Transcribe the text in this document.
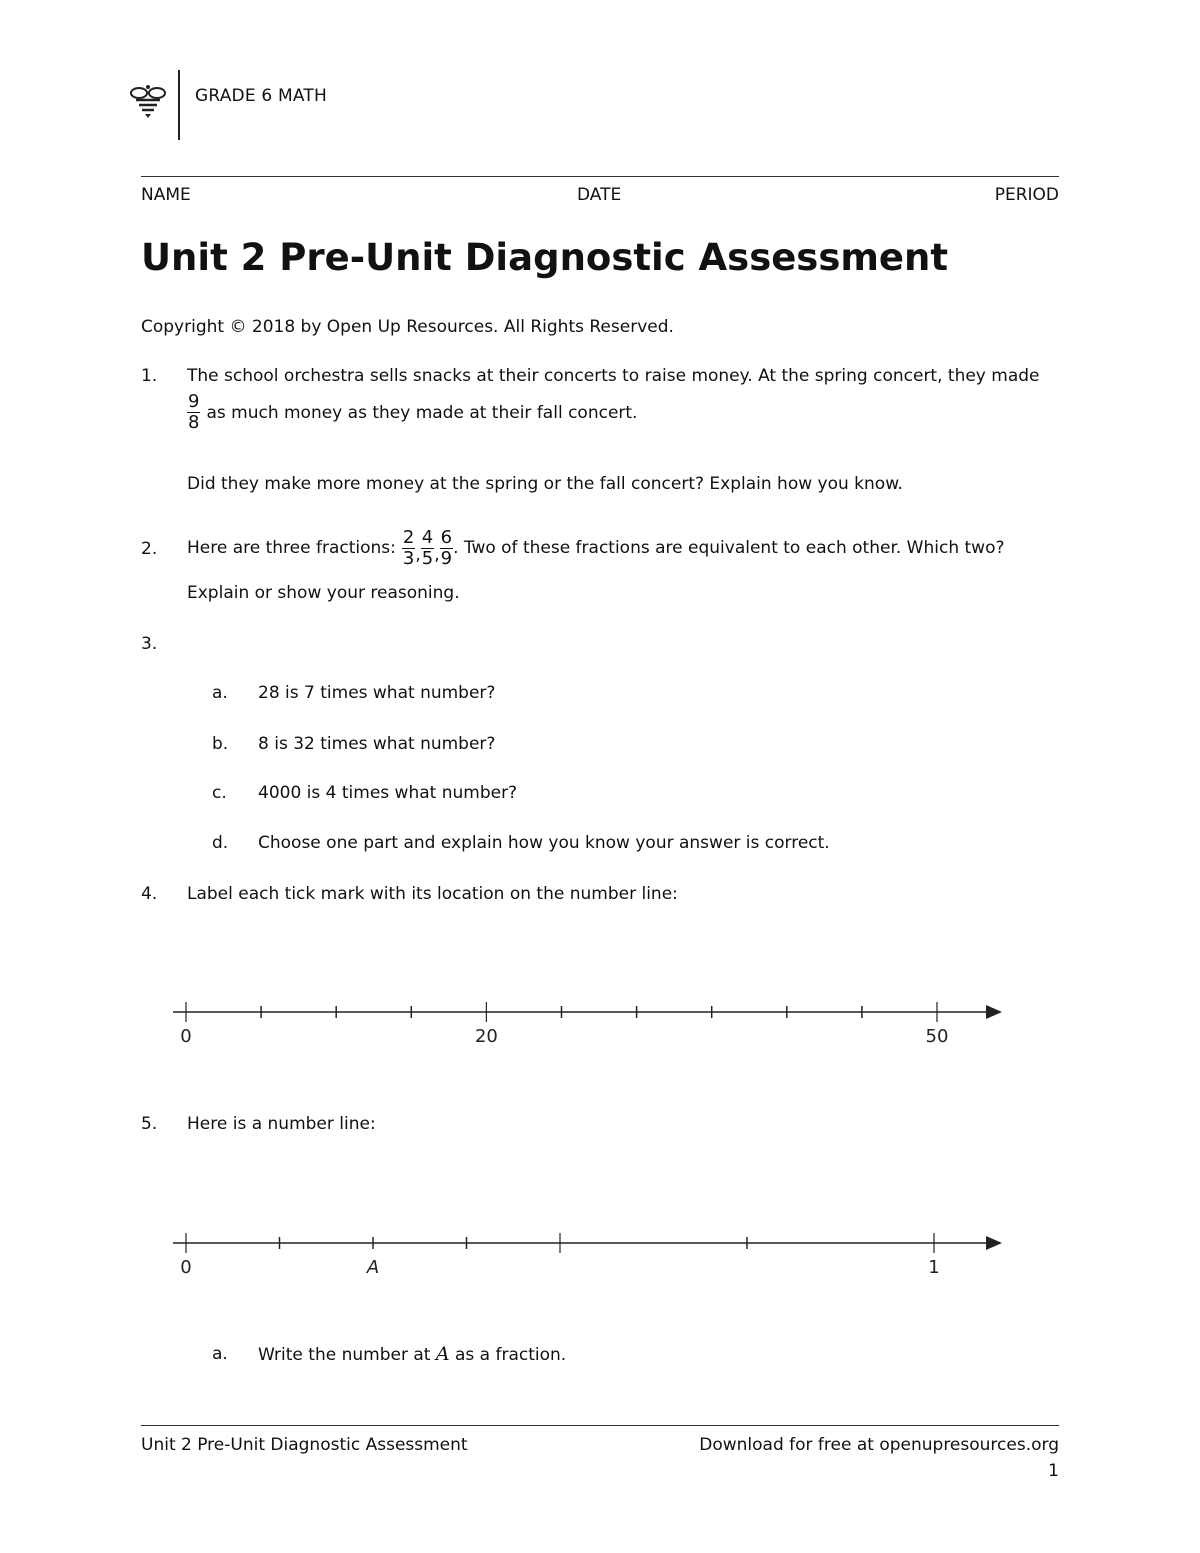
GRADE 6 MATH
NAME	DATE	PERIOD
Unit 2 Pre-Unit Diagnostic Assessment
Copyright © 2018 by Open Up Resources. All Rights Reserved.
1. The school orchestra sells snacks at their concerts to raise money. At the spring concert, they made
$\frac{9}{8}$ as much money as they made at their fall concert.
Did they make more money at the spring or the fall concert? Explain how you know.
2. Here are three fractions: $\frac{2}{3}$ , $\frac{4}{5}$ , $\frac{6}{9}$ . Two of these fractions are equivalent to each other. Which two?
Explain or show your reasoning.
3.
a. 28 is 7 times what number?
b. 8 is 32 times what number?
c. 4000 is 4 times what number?
d. Choose one part and explain how you know your answer is correct.
4. Label each tick mark with its location on the number line:
0	20	50
5. Here is a number line:
0	A	1
a. Write the number at A as a fraction.
Unit 2 Pre-Unit Diagnostic Assessment	Download for free at openupresources.org
1
